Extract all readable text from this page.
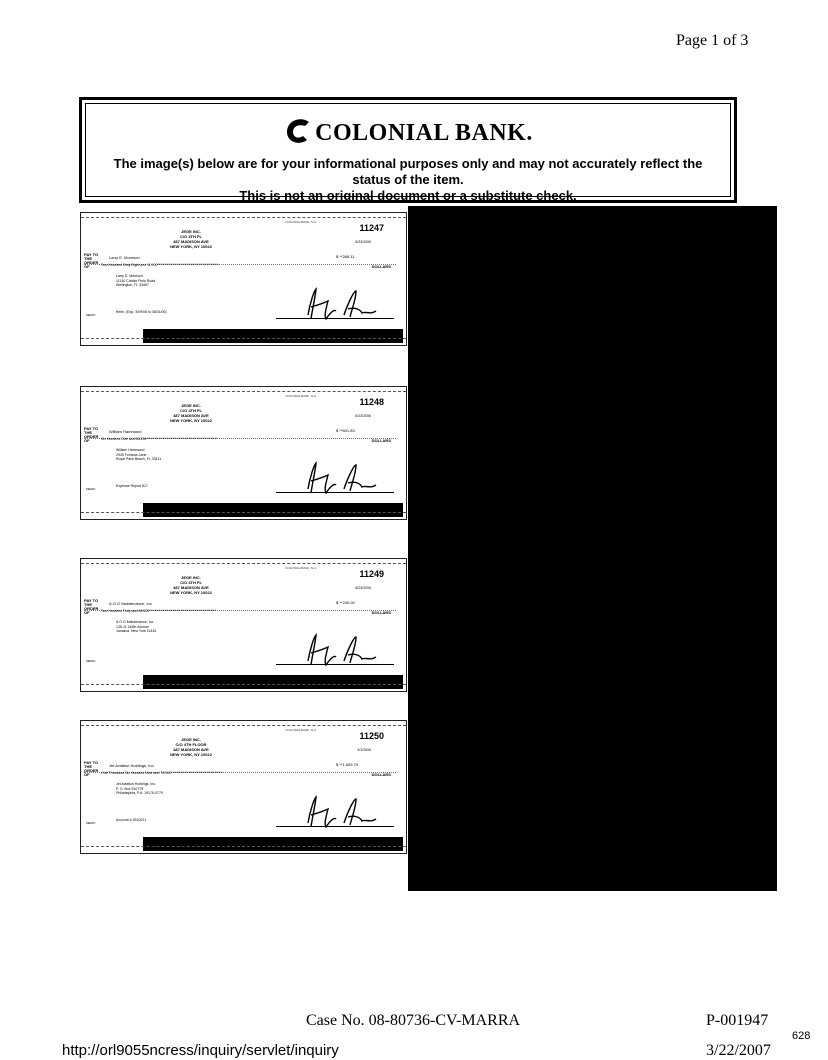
Page 1 of 3
COLONIAL BANK.
The image(s) below are for your informational purposes only and may not accurately reflect the
status of the item.
This is not an original document or a substitute check.
COLONIAL BANK, N.A.
11247
JEGE INC.
C/O 4TH FL
487 MADISON AVE
NEW YORK, NY 10022
8/23/2006
PAY TO THE ORDER OF
Larry E. Morrison	$ **268.11
Two Hundred Sixty Eight and 11/100*********************************************	DOLLARS
Larry E. Morrison
11140 Cobble Field Road
Wellington, FL 33467
MEMO
Reim. (Exp. 3/09/06 to 08/01/06)
COLONIAL BANK, N.A.
11248
JEGE INC.
C/O 4TH FL
487 MADISON AVE
NEW YORK, NY 10022
8/23/2006
PAY TO THE ORDER OF
William Hammond	$ **601.83
Six Hundred One and 83/100****************************************************	DOLLARS
William Hammond
2945 Fontana Lane
Royal Palm Beach, FL 33411
MEMO
Expense Report 817
COLONIAL BANK, N.A.
11249
JEGE INC.
C/O 4TH FL
487 MADISON AVE
NEW YORK, NY 10022
8/23/2006
PAY TO THE ORDER OF
A.O.G Maintenance, Inc	$ **240.00
Two Hundred Forty and 00/100*************************************************	DOLLARS
A.O.G Maintenance, Inc
135-11 146th Avenue
Jamaica, New York 11434
MEMO
COLONIAL BANK, N.A.
11250
JEGE INC.
C/O 4TH FLOOR
487 MADISON AVE
NEW YORK, NY 10022
9/1/2006
PAY TO THE ORDER OF
Jet Aviation Holdings, Inc.	$ **1,609.70
One Thousand Six Hundred Nine and 70/100**************************************	DOLLARS
Jet Aviation Holdings, Inc.
P. O. Box 510779
Philadelphia, P.A. 19175-0779
MEMO
Account # 2610021
Case No. 08-80736-CV-MARRA	P-001947
628
http://orl9055ncress/inquiry/servlet/inquiry	3/22/2007
